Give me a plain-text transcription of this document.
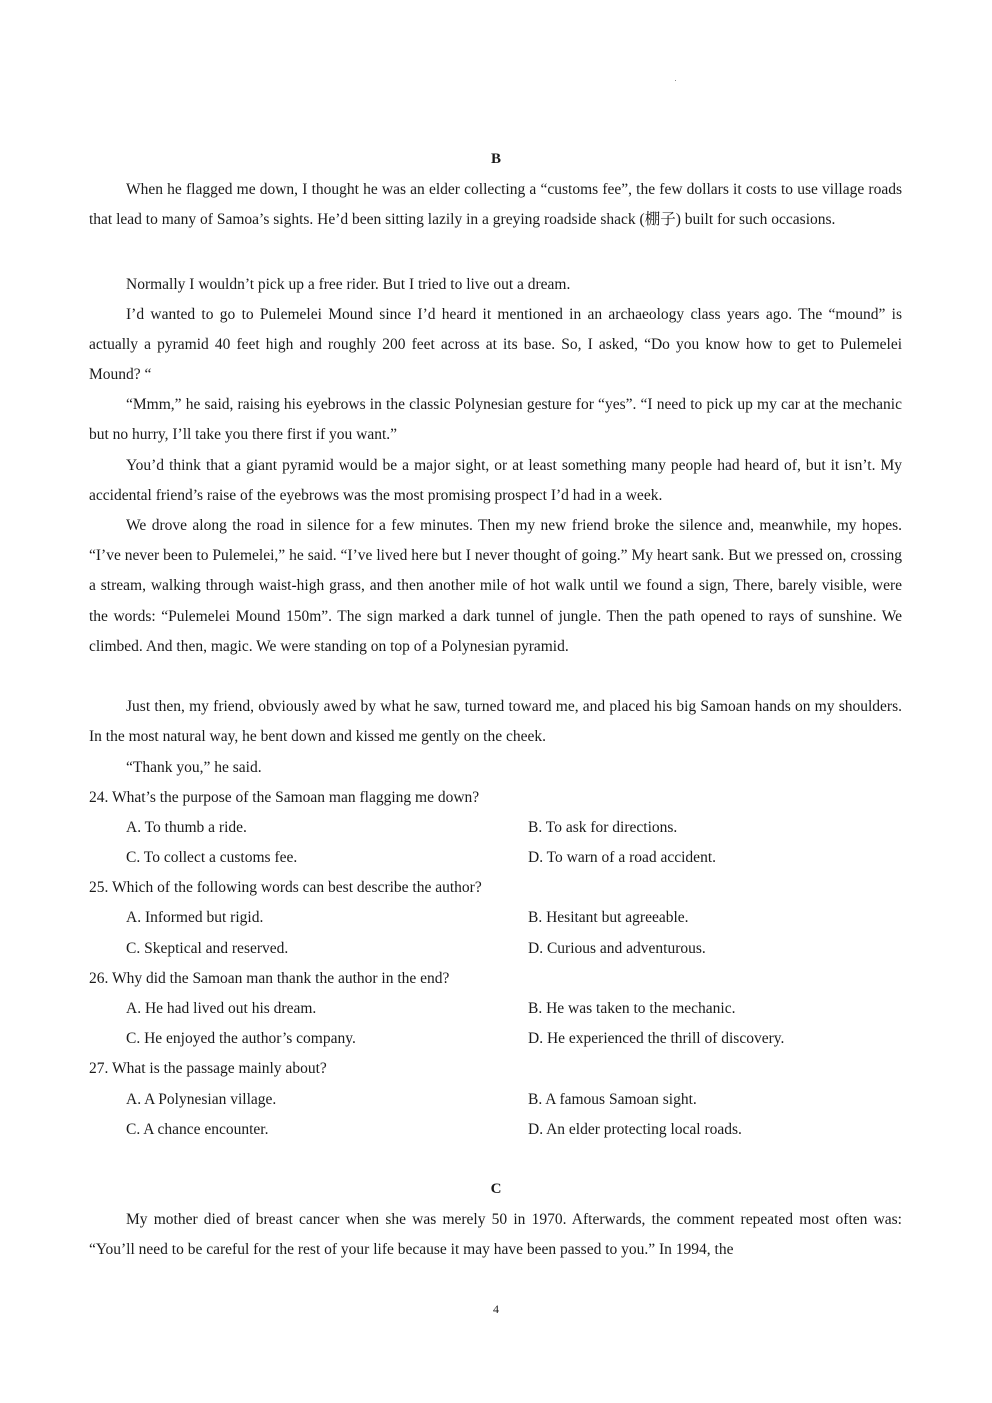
B

When he flagged me down, I thought he was an elder collecting a “customs fee”, the few dollars it costs to use village roads that lead to many of Samoa’s sights. He’d been sitting lazily in a greying roadside shack (棚子) built for such occasions.

Normally I wouldn’t pick up a free rider. But I tried to live out a dream.

I’d wanted to go to Pulemelei Mound since I’d heard it mentioned in an archaeology class years ago. The “mound” is actually a pyramid 40 feet high and roughly 200 feet across at its base. So, I asked, “Do you know how to get to Pulemelei Mound? “

“Mmm,” he said, raising his eyebrows in the classic Polynesian gesture for “yes”. “I need to pick up my car at the mechanic but no hurry, I’ll take you there first if you want.”

You’d think that a giant pyramid would be a major sight, or at least something many people had heard of, but it isn’t. My accidental friend’s raise of the eyebrows was the most promising prospect I’d had in a week.

We drove along the road in silence for a few minutes. Then my new friend broke the silence and, meanwhile, my hopes. “I’ve never been to Pulemelei,” he said. “I’ve lived here but I never thought of going.” My heart sank. But we pressed on, crossing a stream, walking through waist-high grass, and then another mile of hot walk until we found a sign, There, barely visible, were the words: “Pulemelei Mound 150m”. The sign marked a dark tunnel of jungle. Then the path opened to rays of sunshine. We climbed. And then, magic. We were standing on top of a Polynesian pyramid.

Just then, my friend, obviously awed by what he saw, turned toward me, and placed his big Samoan hands on my shoulders. In the most natural way, he bent down and kissed me gently on the cheek.

“Thank you,” he said.

24. What’s the purpose of the Samoan man flagging me down?
A. To thumb a ride.	B. To ask for directions.
C. To collect a customs fee.	D. To warn of a road accident.
25. Which of the following words can best describe the author?
A. Informed but rigid.	B. Hesitant but agreeable.
C. Skeptical and reserved.	D. Curious and adventurous.
26. Why did the Samoan man thank the author in the end?
A. He had lived out his dream.	B. He was taken to the mechanic.
C. He enjoyed the author’s company.	D. He experienced the thrill of discovery.
27. What is the passage mainly about?
A. A Polynesian village.	B. A famous Samoan sight.
C. A chance encounter.	D. An elder protecting local roads.
C

My mother died of breast cancer when she was merely 50 in 1970. Afterwards, the comment repeated most often was: “You’ll need to be careful for the rest of your life because it may have been passed to you.” In 1994, the

4
